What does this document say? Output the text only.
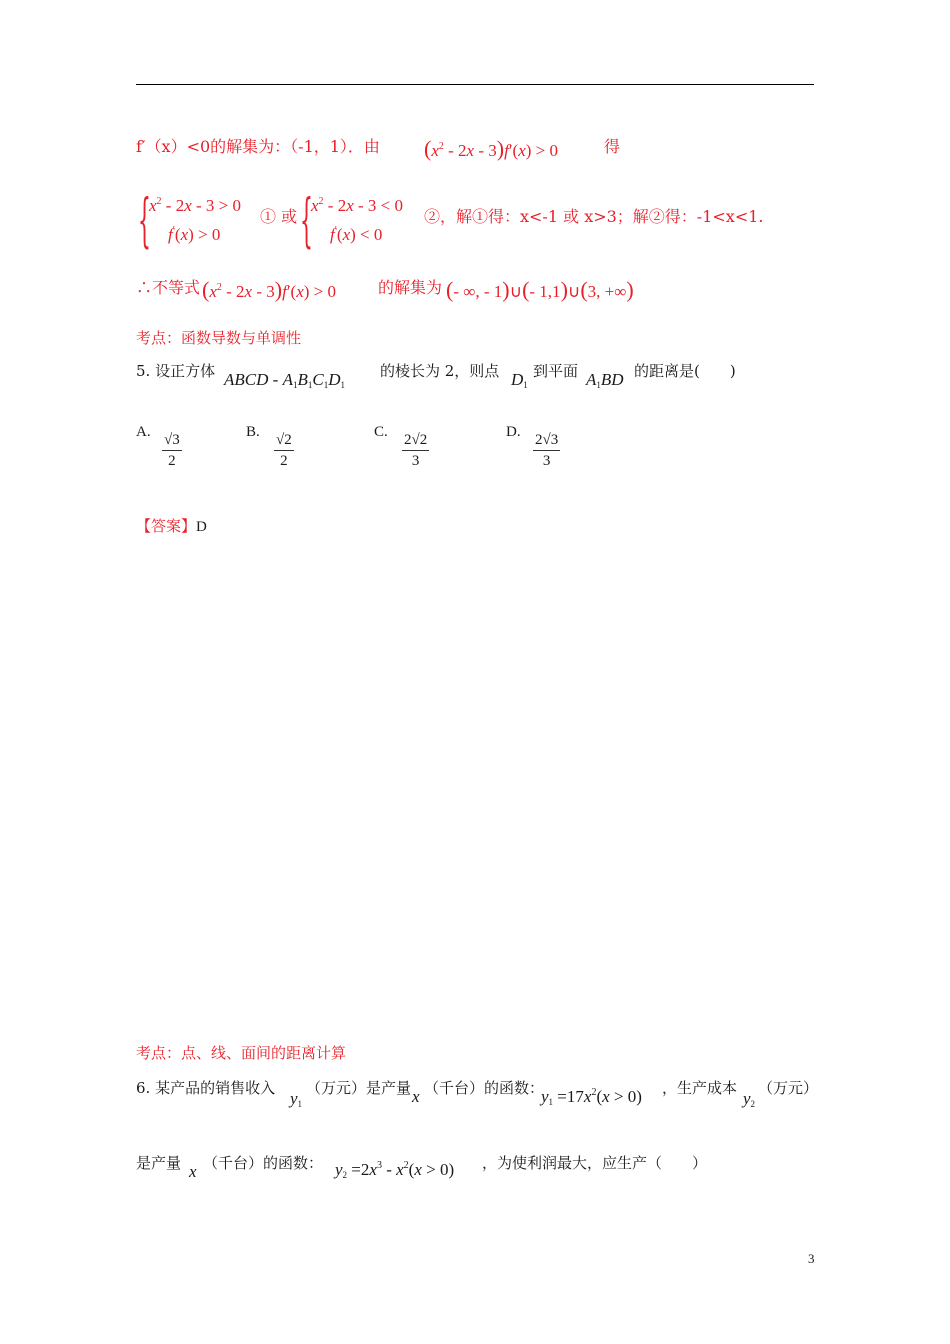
f′（x）<0的解集为：（-1，1）．由 $(x^2 - 2x - 3)f'(x) > 0$	得
{
$x^2 - 2x - 3 > 0$
f′(x) > 0
① 或 {
$x^2 - 2x - 3 < 0$
f′(x) < 0
②，解①得：x<-1 或 x>3；解②得：-1<x<1.
∴不等式 $(x^2 - 2x - 3)f'(x) > 0$	的解集为 (- ∞, - 1)∪(- 1,1)∪(3, +∞)
考点：函数导数与单调性
5. 设正方体 ABCD - $A_1B_1C_1D_1$
的棱长为 2，则点 $D_1$
到平面 $A_1BD$ 的距离是(　　)
A. $\frac{√3}{2}$	B. $\frac{√2}{2}$	C. $\frac{2√2}{3}$	D. $\frac{2√3}{3}$
【答案】D
考点：点、线、面间的距离计算
6. 某产品的销售收入
$y_1$
（万元）是产量 x （千台）的函数：
$y_1 =17x^2(x > 0)$ ，生产成本
$y_2$
（万元）
是产量 x （千台）的函数： $y_2 =2x^3 - x^2(x > 0)$ ，为使利润最大，应生产（　　）
3
